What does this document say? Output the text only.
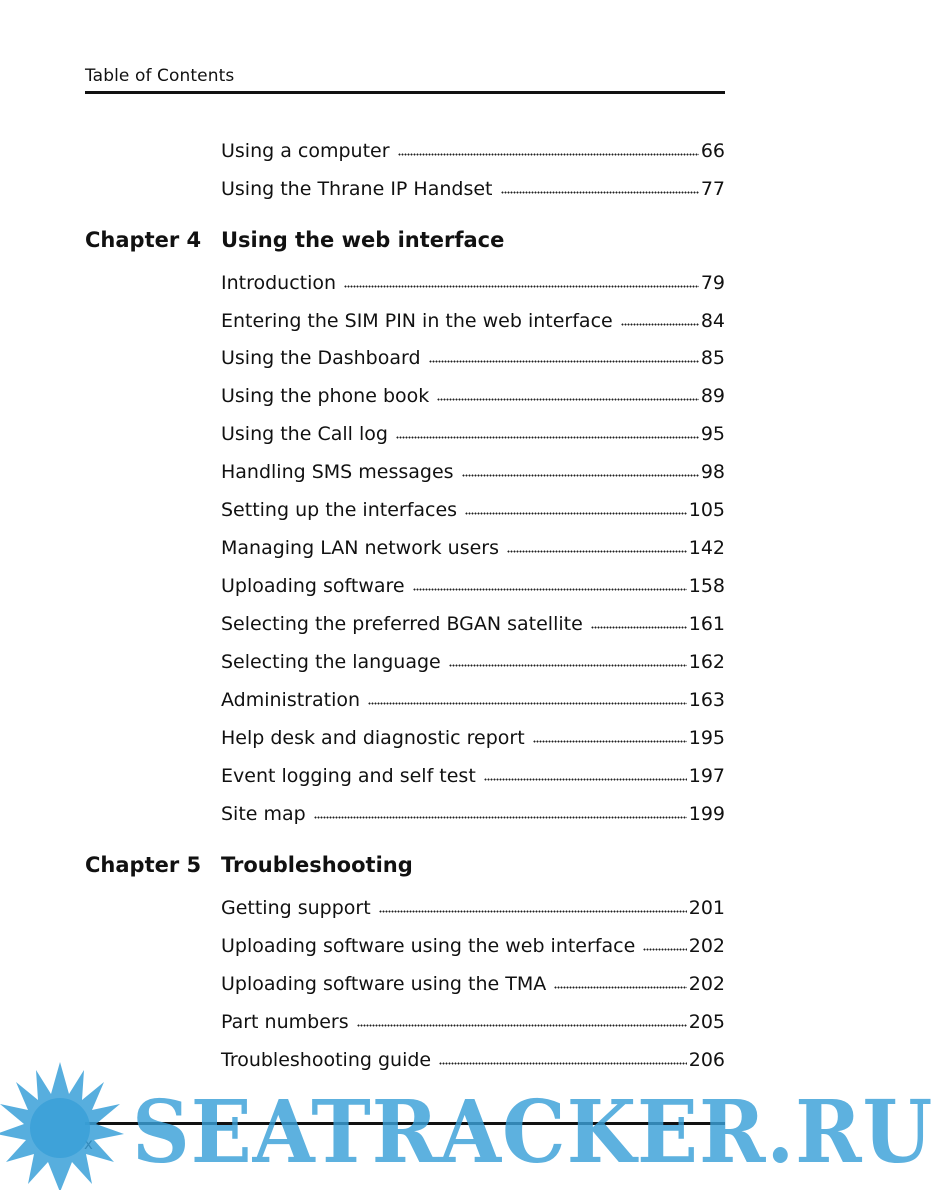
Table of Contents
Using a computer	66
Using the Thrane IP Handset	77
Chapter 4 Using the web interface
Introduction	79
Entering the SIM PIN in the web interface	84
Using the Dashboard	85
Using the phone book	89
Using the Call log	95
Handling SMS messages	98
Setting up the interfaces	105
Managing LAN network users	142
Uploading software	158
Selecting the preferred BGAN satellite	161
Selecting the language	162
Administration	163
Help desk and diagnostic report	195
Event logging and self test	197
Site map	199
Chapter 5 Troubleshooting
Getting support	201
Uploading software using the web interface	202
Uploading software using the TMA	202
Part numbers	205
Troubleshooting guide	206
SEATRACKER.RU
